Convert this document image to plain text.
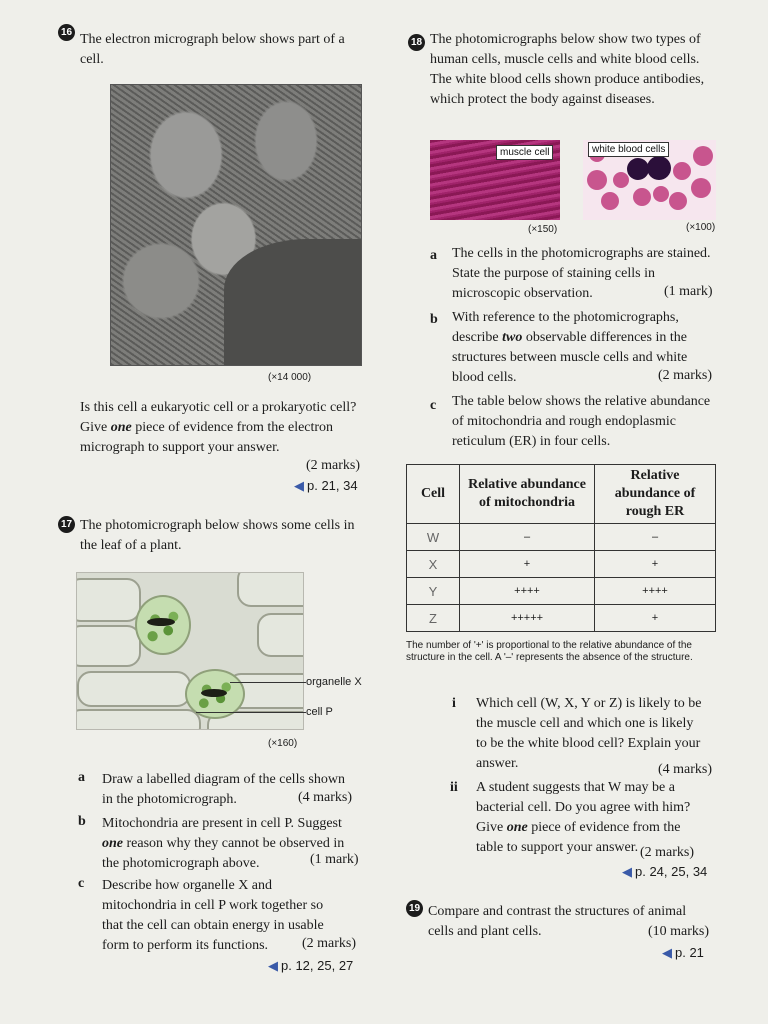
16 The electron micrograph below shows part of a cell.
(×14 000)
Is this cell a eukaryotic cell or a prokaryotic cell? Give one piece of evidence from the electron micrograph to support your answer.
(2 marks)
◀ p. 21, 34
17 The photomicrograph below shows some cells in the leaf of a plant.
organelle X
cell P
(×160)
a Draw a labelled diagram of the cells shown in the photomicrograph.	(4 marks)
b Mitochondria are present in cell P. Suggest one reason why they cannot be observed in the photomicrograph above.	(1 mark)
c Describe how organelle X and mitochondria in cell P work together so that the cell can obtain energy in usable form to perform its functions.	(2 marks)
◀ p. 12, 25, 27
18 The photomicrographs below show two types of human cells, muscle cells and white blood cells. The white blood cells shown produce antibodies, which protect the body against diseases.
muscle cell	white blood cells
(×150)	(×100)
a The cells in the photomicrographs are stained. State the purpose of staining cells in microscopic observation.	(1 mark)
b With reference to the photomicrographs, describe two observable differences in the structures between muscle cells and white blood cells.	(2 marks)
c The table below shows the relative abundance of mitochondria and rough endoplasmic reticulum (ER) in four cells.
Cell	Relative abundance of mitochondria	Relative abundance of rough ER
W	–	–
X	+	+
Y	++++	++++
Z	+++++	+
The number of '+' is proportional to the relative abundance of the structure in the cell. A '–' represents the absence of the structure.
i Which cell (W, X, Y or Z) is likely to be the muscle cell and which one is likely to be the white blood cell? Explain your answer.	(4 marks)
ii A student suggests that W may be a bacterial cell. Do you agree with him? Give one piece of evidence from the table to support your answer. (2 marks)
◀ p. 24, 25, 34
19 Compare and contrast the structures of animal cells and plant cells.	(10 marks)
◀ p. 21
